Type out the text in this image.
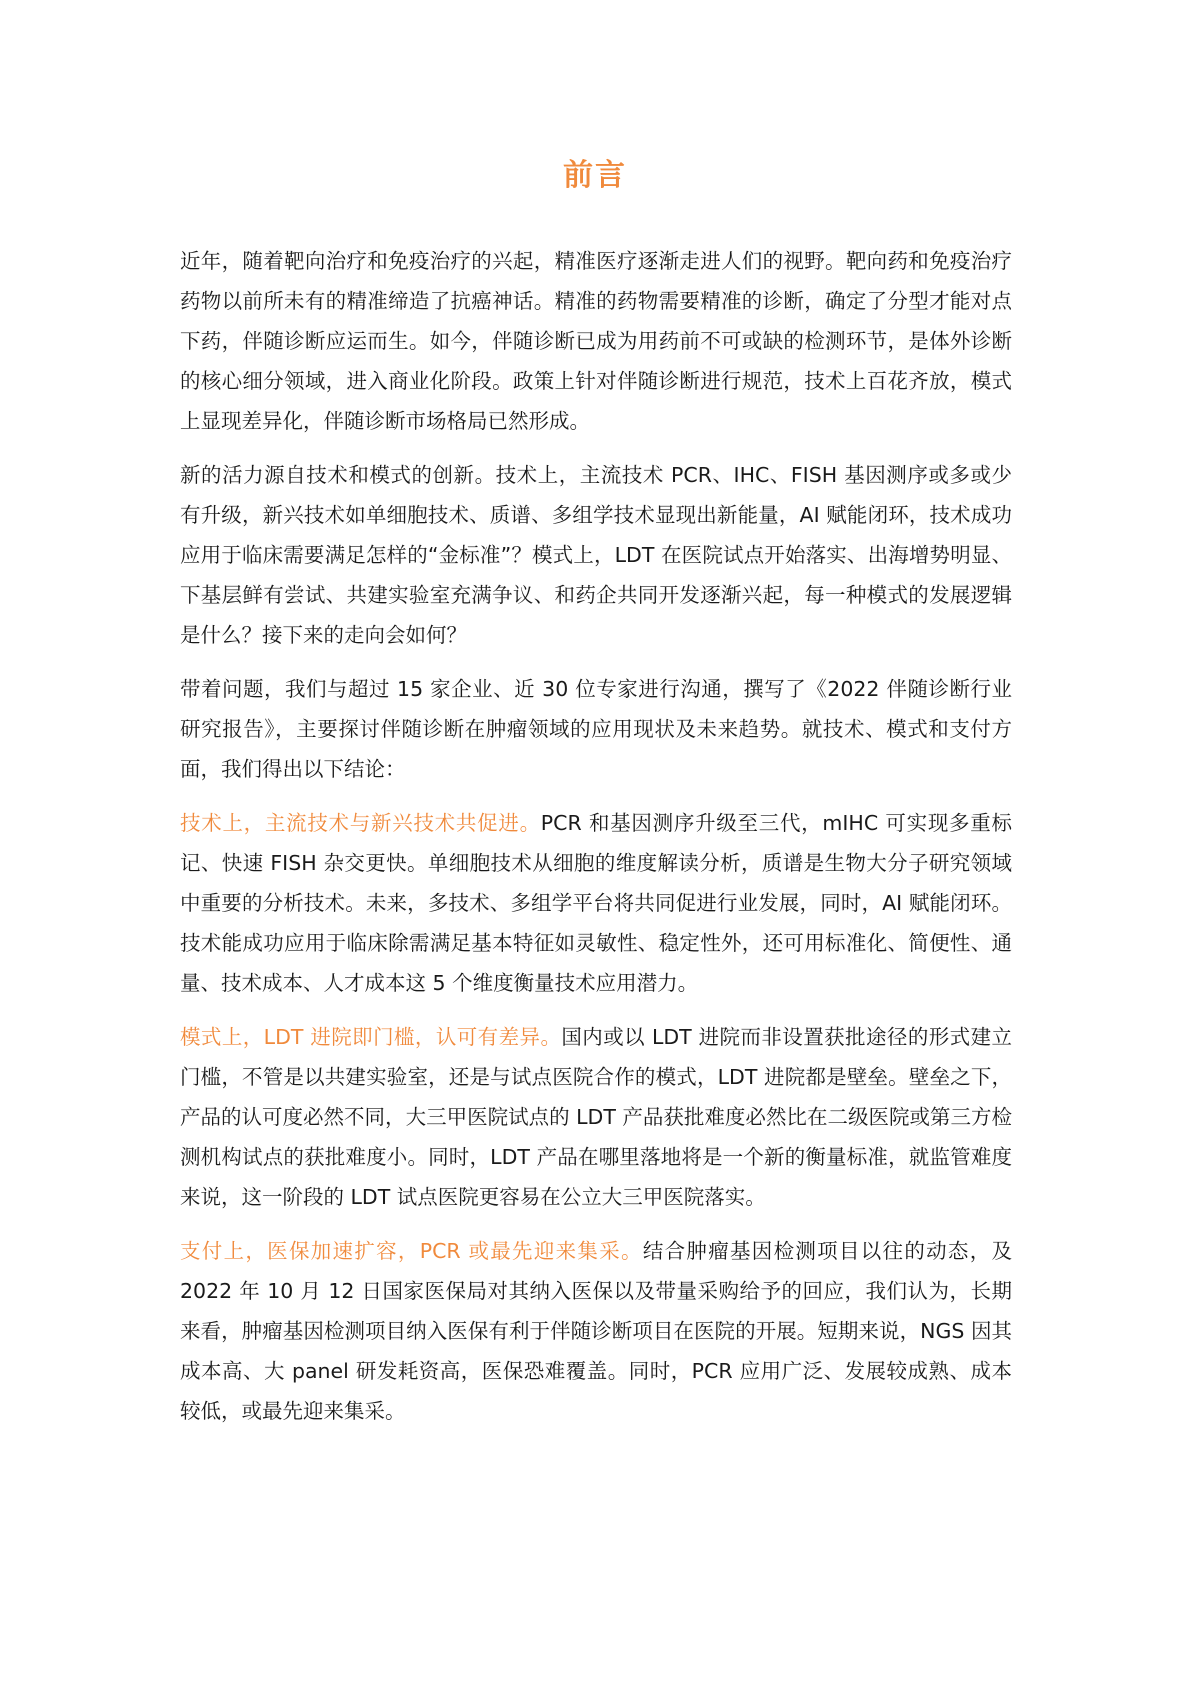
前言

近年，随着靶向治疗和免疫治疗的兴起，精准医疗逐渐走进人们的视野。靶向药和免疫治疗药物以前所未有的精准缔造了抗癌神话。精准的药物需要精准的诊断，确定了分型才能对点下药，伴随诊断应运而生。如今，伴随诊断已成为用药前不可或缺的检测环节，是体外诊断的核心细分领域，进入商业化阶段。政策上针对伴随诊断进行规范，技术上百花齐放，模式上显现差异化，伴随诊断市场格局已然形成。

新的活力源自技术和模式的创新。技术上，主流技术 PCR、IHC、FISH 基因测序或多或少有升级，新兴技术如单细胞技术、质谱、多组学技术显现出新能量，AI 赋能闭环，技术成功应用于临床需要满足怎样的“金标准”？模式上，LDT 在医院试点开始落实、出海增势明显、下基层鲜有尝试、共建实验室充满争议、和药企共同开发逐渐兴起，每一种模式的发展逻辑是什么？接下来的走向会如何？

带着问题，我们与超过 15 家企业、近 30 位专家进行沟通，撰写了《2022 伴随诊断行业研究报告》，主要探讨伴随诊断在肿瘤领域的应用现状及未来趋势。就技术、模式和支付方面，我们得出以下结论：

技术上，主流技术与新兴技术共促进。PCR 和基因测序升级至三代，mIHC 可实现多重标记、快速 FISH 杂交更快。单细胞技术从细胞的维度解读分析，质谱是生物大分子研究领域中重要的分析技术。未来，多技术、多组学平台将共同促进行业发展，同时，AI 赋能闭环。技术能成功应用于临床除需满足基本特征如灵敏性、稳定性外，还可用标准化、简便性、通量、技术成本、人才成本这 5 个维度衡量技术应用潜力。

模式上，LDT 进院即门槛，认可有差异。国内或以 LDT 进院而非设置获批途径的形式建立门槛，不管是以共建实验室，还是与试点医院合作的模式，LDT 进院都是壁垒。壁垒之下，产品的认可度必然不同，大三甲医院试点的 LDT 产品获批难度必然比在二级医院或第三方检测机构试点的获批难度小。同时，LDT 产品在哪里落地将是一个新的衡量标准，就监管难度来说，这一阶段的 LDT 试点医院更容易在公立大三甲医院落实。

支付上，医保加速扩容，PCR 或最先迎来集采。结合肿瘤基因检测项目以往的动态，及 2022 年 10 月 12 日国家医保局对其纳入医保以及带量采购给予的回应，我们认为，长期来看，肿瘤基因检测项目纳入医保有利于伴随诊断项目在医院的开展。短期来说，NGS 因其成本高、大 panel 研发耗资高，医保恐难覆盖。同时，PCR 应用广泛、发展较成熟、成本较低，或最先迎来集采。
